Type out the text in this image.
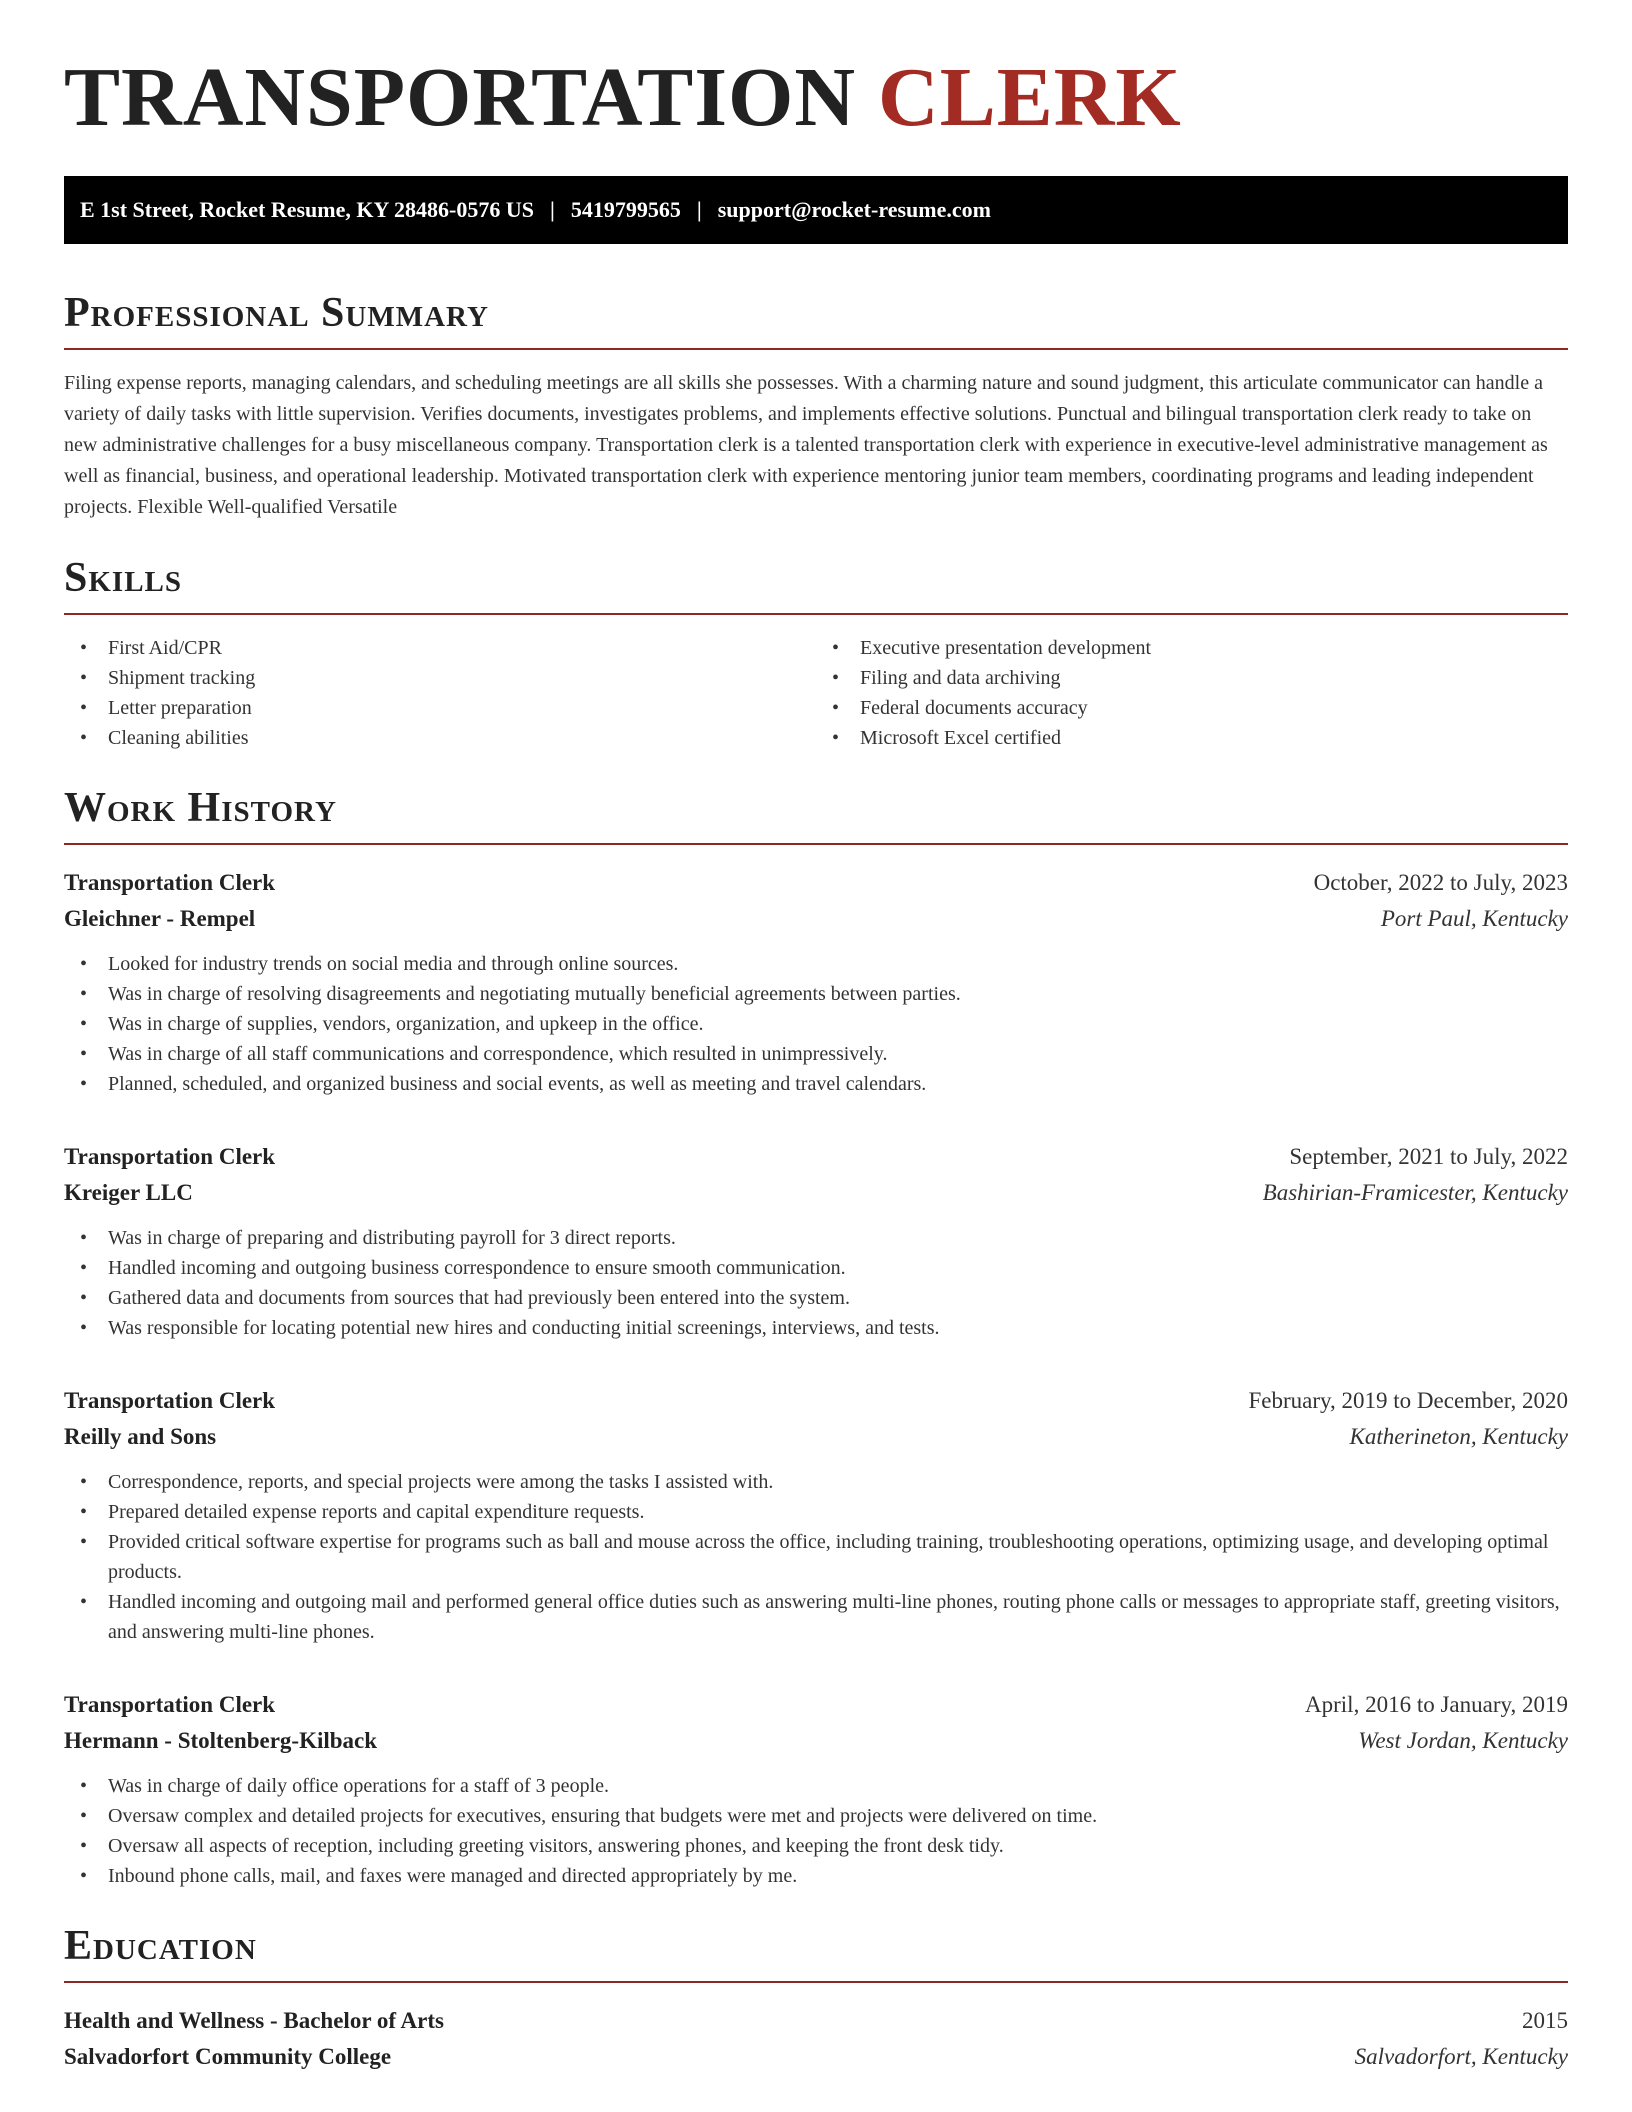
TRANSPORTATION CLERK
E 1st Street, Rocket Resume, KY 28486-0576 US | 5419799565 | support@rocket-resume.com
Professional Summary

Filing expense reports, managing calendars, and scheduling meetings are all skills she possesses. With a charming nature and sound judgment, this articulate communicator can handle a variety of daily tasks with little supervision. Verifies documents, investigates problems, and implements effective solutions. Punctual and bilingual transportation clerk ready to take on new administrative challenges for a busy miscellaneous company. Transportation clerk is a talented transportation clerk with experience in executive-level administrative management as well as financial, business, and operational leadership. Motivated transportation clerk with experience mentoring junior team members, coordinating programs and leading independent projects. Flexible Well-qualified Versatile

Skills
• First Aid/CPR
• Shipment tracking
• Letter preparation
• Cleaning abilities
• Executive presentation development
• Filing and data archiving
• Federal documents accuracy
• Microsoft Excel certified
Work History
Transportation Clerk	October, 2022 to July, 2023
Gleichner - Rempel	Port Paul, Kentucky
• Looked for industry trends on social media and through online sources.
• Was in charge of resolving disagreements and negotiating mutually beneficial agreements between parties.
• Was in charge of supplies, vendors, organization, and upkeep in the office.
• Was in charge of all staff communications and correspondence, which resulted in unimpressively.
• Planned, scheduled, and organized business and social events, as well as meeting and travel calendars.
Transportation Clerk	September, 2021 to July, 2022
Kreiger LLC	Bashirian-Framicester, Kentucky
• Was in charge of preparing and distributing payroll for 3 direct reports.
• Handled incoming and outgoing business correspondence to ensure smooth communication.
• Gathered data and documents from sources that had previously been entered into the system.
• Was responsible for locating potential new hires and conducting initial screenings, interviews, and tests.
Transportation Clerk	February, 2019 to December, 2020
Reilly and Sons	Katherineton, Kentucky
• Correspondence, reports, and special projects were among the tasks I assisted with.
• Prepared detailed expense reports and capital expenditure requests.
• Provided critical software expertise for programs such as ball and mouse across the office, including training, troubleshooting operations, optimizing usage, and developing optimal products.
• Handled incoming and outgoing mail and performed general office duties such as answering multi-line phones, routing phone calls or messages to appropriate staff, greeting visitors, and answering multi-line phones.
Transportation Clerk	April, 2016 to January, 2019
Hermann - Stoltenberg-Kilback	West Jordan, Kentucky
• Was in charge of daily office operations for a staff of 3 people.
• Oversaw complex and detailed projects for executives, ensuring that budgets were met and projects were delivered on time.
• Oversaw all aspects of reception, including greeting visitors, answering phones, and keeping the front desk tidy.
• Inbound phone calls, mail, and faxes were managed and directed appropriately by me.
Education
Health and Wellness - Bachelor of Arts	2015
Salvadorfort Community College	Salvadorfort, Kentucky
